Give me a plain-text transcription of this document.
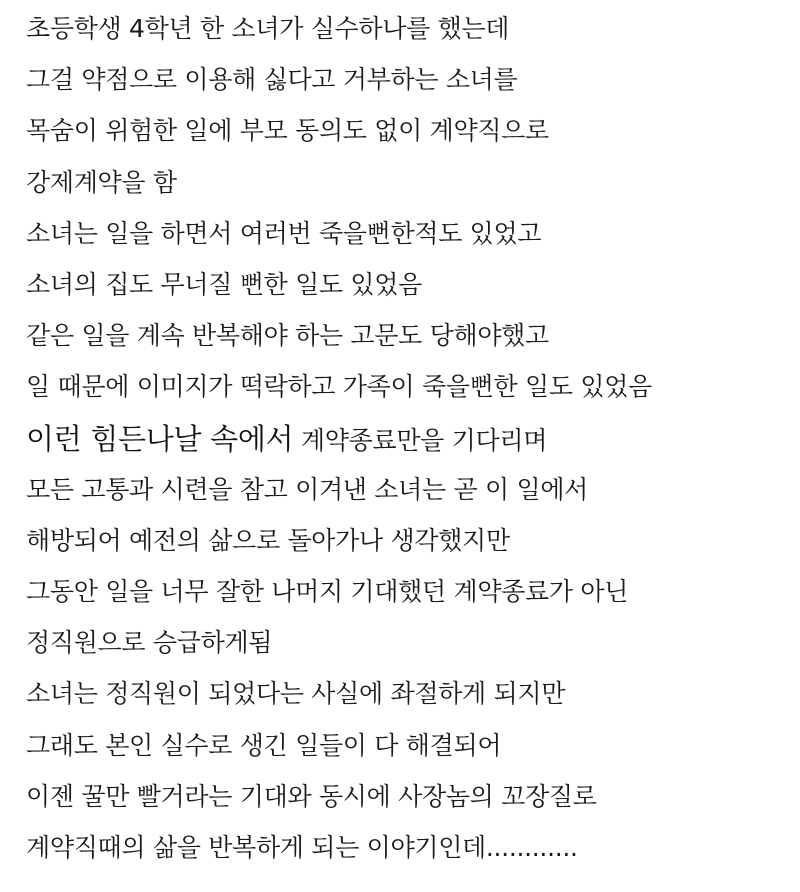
초등학생 4학년 한 소녀가 실수하나를 했는데
그걸 약점으로 이용해 싫다고 거부하는 소녀를
목숨이 위험한 일에 부모 동의도 없이 계약직으로
강제계약을 함
소녀는 일을 하면서 여러번 죽을뻔한적도 있었고
소녀의 집도 무너질 뻔한 일도 있었음
같은 일을 계속 반복해야 하는 고문도 당해야했고
일 때문에 이미지가 떡락하고 가족이 죽을뻔한 일도 있었음
이런 힘든나날 속에서 계약종료만을 기다리며
모든 고통과 시련을 참고 이겨낸 소녀는 곧 이 일에서
해방되어 예전의 삶으로 돌아가나 생각했지만
그동안 일을 너무 잘한 나머지 기대했던 계약종료가 아닌
정직원으로 승급하게됨
소녀는 정직원이 되었다는 사실에 좌절하게 되지만
그래도 본인 실수로 생긴 일들이 다 해결되어
이젠 꿀만 빨거라는 기대와 동시에 사장놈의 꼬장질로
계약직때의 삶을 반복하게 되는 이야기인데............
